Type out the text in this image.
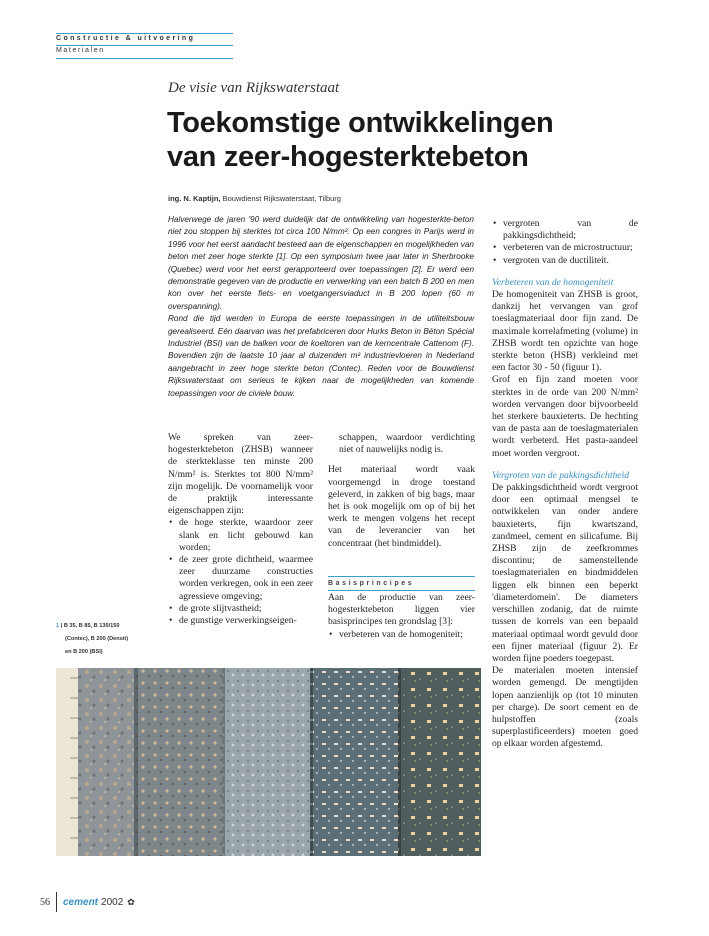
Constructie & uitvoering
Materialen
De visie van Rijkswaterstaat
Toekomstige ontwikkelingen
van zeer-hogesterktebeton
ing. N. Kaptijn, Bouwdienst Rijkswaterstaat, Tilburg
Halverwege de jaren '90 werd duidelijk dat de ontwikkeling van hogesterkte-beton niet zou stoppen bij sterktes tot circa 100 N/mm². Op een congres in Parijs werd in 1996 voor het eerst aandacht besteed aan de eigenschappen en mogelijkheden van beton met zeer hoge sterkte [1]. Op een symposium twee jaar later in Sherbrooke (Quebec) werd voor het eerst gerapporteerd over toepassingen [2]. Er werd een demonstratie gegeven van de productie en verwerking van een batch B 200 en men kon over het eerste fiets- en voetgangersviaduct in B 200 lopen (60 m overspanning).
Rond die tijd werden in Europa de eerste toepassingen in de utiliteitsbouw gerealiseerd. Eén daarvan was het prefabriceren door Hurks Beton in Béton Spécial Industriel (BSI) van de balken voor de koeltoren van de kerncentrale Cattenom (F). Bovendien zijn de laatste 10 jaar al duizenden m² industrievloeren in Nederland aangebracht in zeer hoge sterkte beton (Contec). Reden voor de Bouwdienst Rijkswaterstaat om serieus te kijken naar de mogelijkheden van komende toepassingen voor de civiele bouw.

We spreken van zeer-hogesterktebeton (ZHSB) wanneer de sterkteklasse ten minste 200 N/mm² is. Sterktes tot 800 N/mm² zijn mogelijk. De voornamelijk voor de praktijk interessante eigenschappen zijn:

• de hoge sterkte, waardoor zeer slank en licht gebouwd kan worden;
• de zeer grote dichtheid, waarmee zeer duurzame constructies worden verkregen, ook in een zeer agressieve omgeving;
• de grote slijtvastheid;
• de gunstige verwerkingseigen-

schappen, waardoor verdichting niet of nauwelijks nodig is.

Het materiaal wordt vaak voorgemengd in droge toestand geleverd, in zakken of big bags, maar het is ook mogelijk om op of bij het werk te mengen volgens het recept van de leverancier van het concentraat (het bindmiddel).

Basisprincipes

Aan de productie van zeer-hogesterktebeton liggen vier basisprincipes ten grondslag [3]:

• verbeteren van de homogeniteit;
• vergroten van de pakkingsdichtheid;
• verbeteren van de microstructuur;
• vergroten van de ductiliteit.

Verbeteren van de homogeniteit

De homogeniteit van ZHSB is groot, dankzij het vervangen van grof toeslagmateriaal door fijn zand. De maximale korrelafmeting (volume) in ZHSB wordt ten opzichte van hoge sterkte beton (HSB) verkleind met een factor 30 - 50 (figuur 1).

Grof en fijn zand moeten voor sterktes in de orde van 200 N/mm² worden vervangen door bijvoorbeeld het sterkere bauxieterts. De hechting van de pasta aan de toeslagmaterialen wordt verbeterd. Het pasta-aandeel moet worden vergroot.

Vergroten van de pakkingsdichtheid

De pakkingsdichtheid wordt vergroot door een optimaal mengsel te ontwikkelen van onder andere bauxieterts, fijn kwartszand, zandmeel, cement en silicafume. Bij ZHSB zijn de zeefkrommes discontinu; de samenstellende toeslagmaterialen en bindmiddelen liggen elk binnen een beperkt 'diameterdomein'. De diameters verschillen zodanig, dat de ruimte tussen de korrels van een bepaald materiaal optimaal wordt gevuld door een fijner materiaal (figuur 2). Er worden fijne poeders toegepast.

De materialen moeten intensief worden gemengd. De mengtijden lopen aanzienlijk op (tot 10 minuten per charge). De soort cement en de hulpstoffen (zoals superplastificeerders) moeten goed op elkaar worden afgestemd.

1 | B 35, B 85, B 130/150
(Contec), B 200 (Densit)
en B 200 (BSI)
56 cement 2002 ✿
